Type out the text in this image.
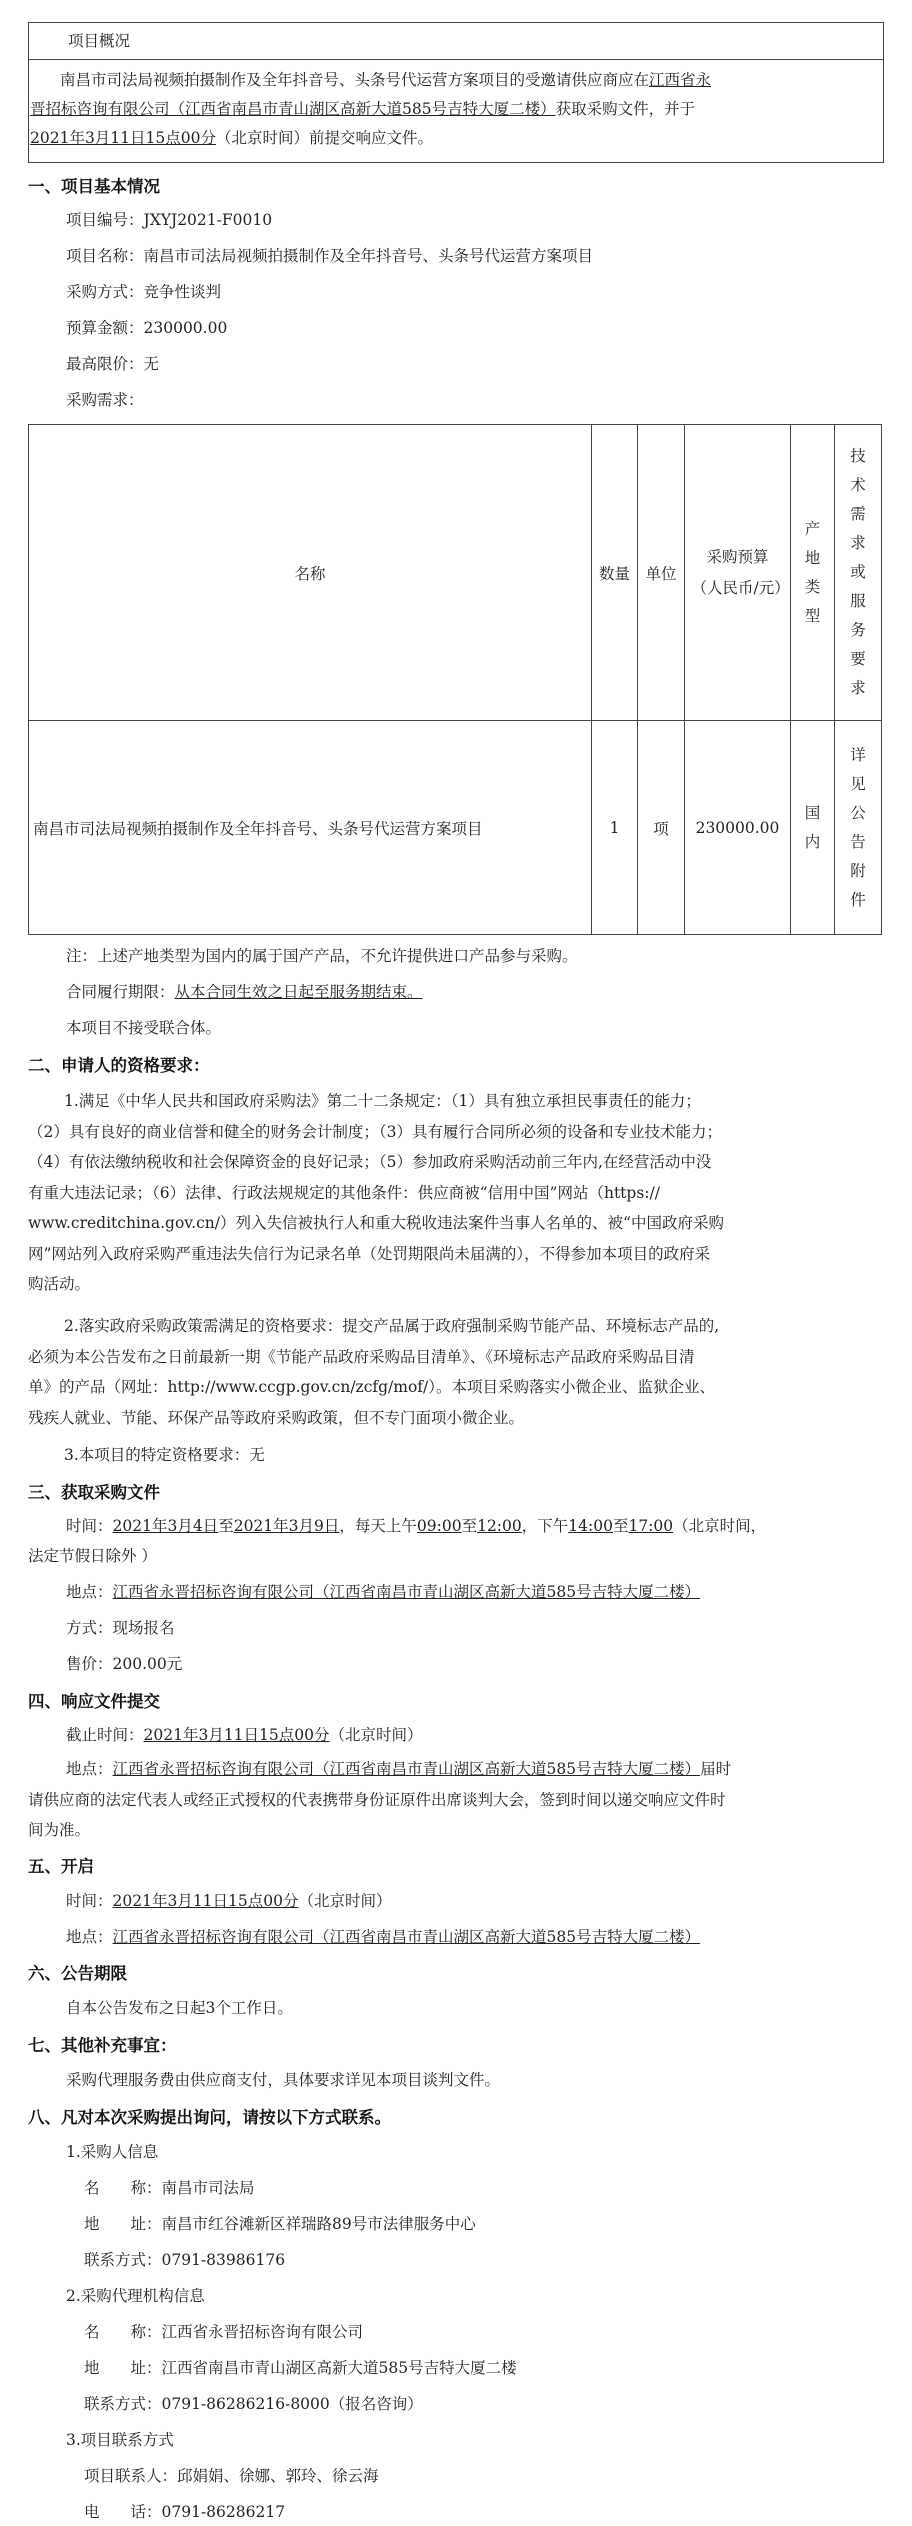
项目概况
南昌市司法局视频拍摄制作及全年抖音号、头条号代运营方案项目的受邀请供应商应在江西省永
晋招标咨询有限公司（江西省南昌市青山湖区高新大道585号吉特大厦二楼）获取采购文件，并于
2021年3月11日15点00分（北京时间）前提交响应文件。
一、项目基本情况
项目编号：JXYJ2021-F0010
项目名称：南昌市司法局视频拍摄制作及全年抖音号、头条号代运营方案项目
采购方式：竞争性谈判
预算金额：230000.00
最高限价：无
采购需求：
名称	数量	单位	采购预算（人民币/元）	产地类型	技术需求或服务要求
南昌市司法局视频拍摄制作及全年抖音号、头条号代运营方案项目	1	项	230000.00	国内	详见公告附件
注：上述产地类型为国内的属于国产产品，不允许提供进口产品参与采购。
合同履行期限：从本合同生效之日起至服务期结束。
本项目不接受联合体。
二、申请人的资格要求：
1.满足《中华人民共和国政府采购法》第二十二条规定：（1）具有独立承担民事责任的能力；
（2）具有良好的商业信誉和健全的财务会计制度；（3）具有履行合同所必须的设备和专业技术能力；
（4）有依法缴纳税收和社会保障资金的良好记录；（5）参加政府采购活动前三年内,在经营活动中没
有重大违法记录；（6）法律、行政法规规定的其他条件：供应商被“信用中国”网站（https://
www.creditchina.gov.cn/）列入失信被执行人和重大税收违法案件当事人名单的、被“中国政府采购
网”网站列入政府采购严重违法失信行为记录名单（处罚期限尚未届满的），不得参加本项目的政府采
购活动。
2.落实政府采购政策需满足的资格要求：提交产品属于政府强制采购节能产品、环境标志产品的,
必须为本公告发布之日前最新一期《节能产品政府采购品目清单》、《环境标志产品政府采购品目清
单》的产品（网址：http://www.ccgp.gov.cn/zcfg/mof/）。本项目采购落实小微企业、监狱企业、
残疾人就业、节能、环保产品等政府采购政策，但不专门面项小微企业。
3.本项目的特定资格要求：无
三、获取采购文件
时间：2021年3月4日至2021年3月9日，每天上午09:00至12:00，下午14:00至17:00（北京时间，
法定节假日除外 ）
地点：江西省永晋招标咨询有限公司（江西省南昌市青山湖区高新大道585号吉特大厦二楼）
方式：现场报名
售价：200.00元
四、响应文件提交
截止时间：2021年3月11日15点00分（北京时间）
地点：江西省永晋招标咨询有限公司（江西省南昌市青山湖区高新大道585号吉特大厦二楼）届时
请供应商的法定代表人或经正式授权的代表携带身份证原件出席谈判大会，签到时间以递交响应文件时
间为准。
五、开启
时间：2021年3月11日15点00分（北京时间）
地点：江西省永晋招标咨询有限公司（江西省南昌市青山湖区高新大道585号吉特大厦二楼）
六、公告期限
自本公告发布之日起3个工作日。
七、其他补充事宜：
采购代理服务费由供应商支付，具体要求详见本项目谈判文件。
八、凡对本次采购提出询问，请按以下方式联系。
1.采购人信息
名　　称：南昌市司法局
地　　址：南昌市红谷滩新区祥瑞路89号市法律服务中心
联系方式：0791-83986176
2.采购代理机构信息
名　　称：江西省永晋招标咨询有限公司
地　　址：江西省南昌市青山湖区高新大道585号吉特大厦二楼
联系方式：0791-86286216-8000（报名咨询）
3.项目联系方式
项目联系人：邱娟娟、徐娜、郭玲、徐云海
电　　话：0791-86286217
